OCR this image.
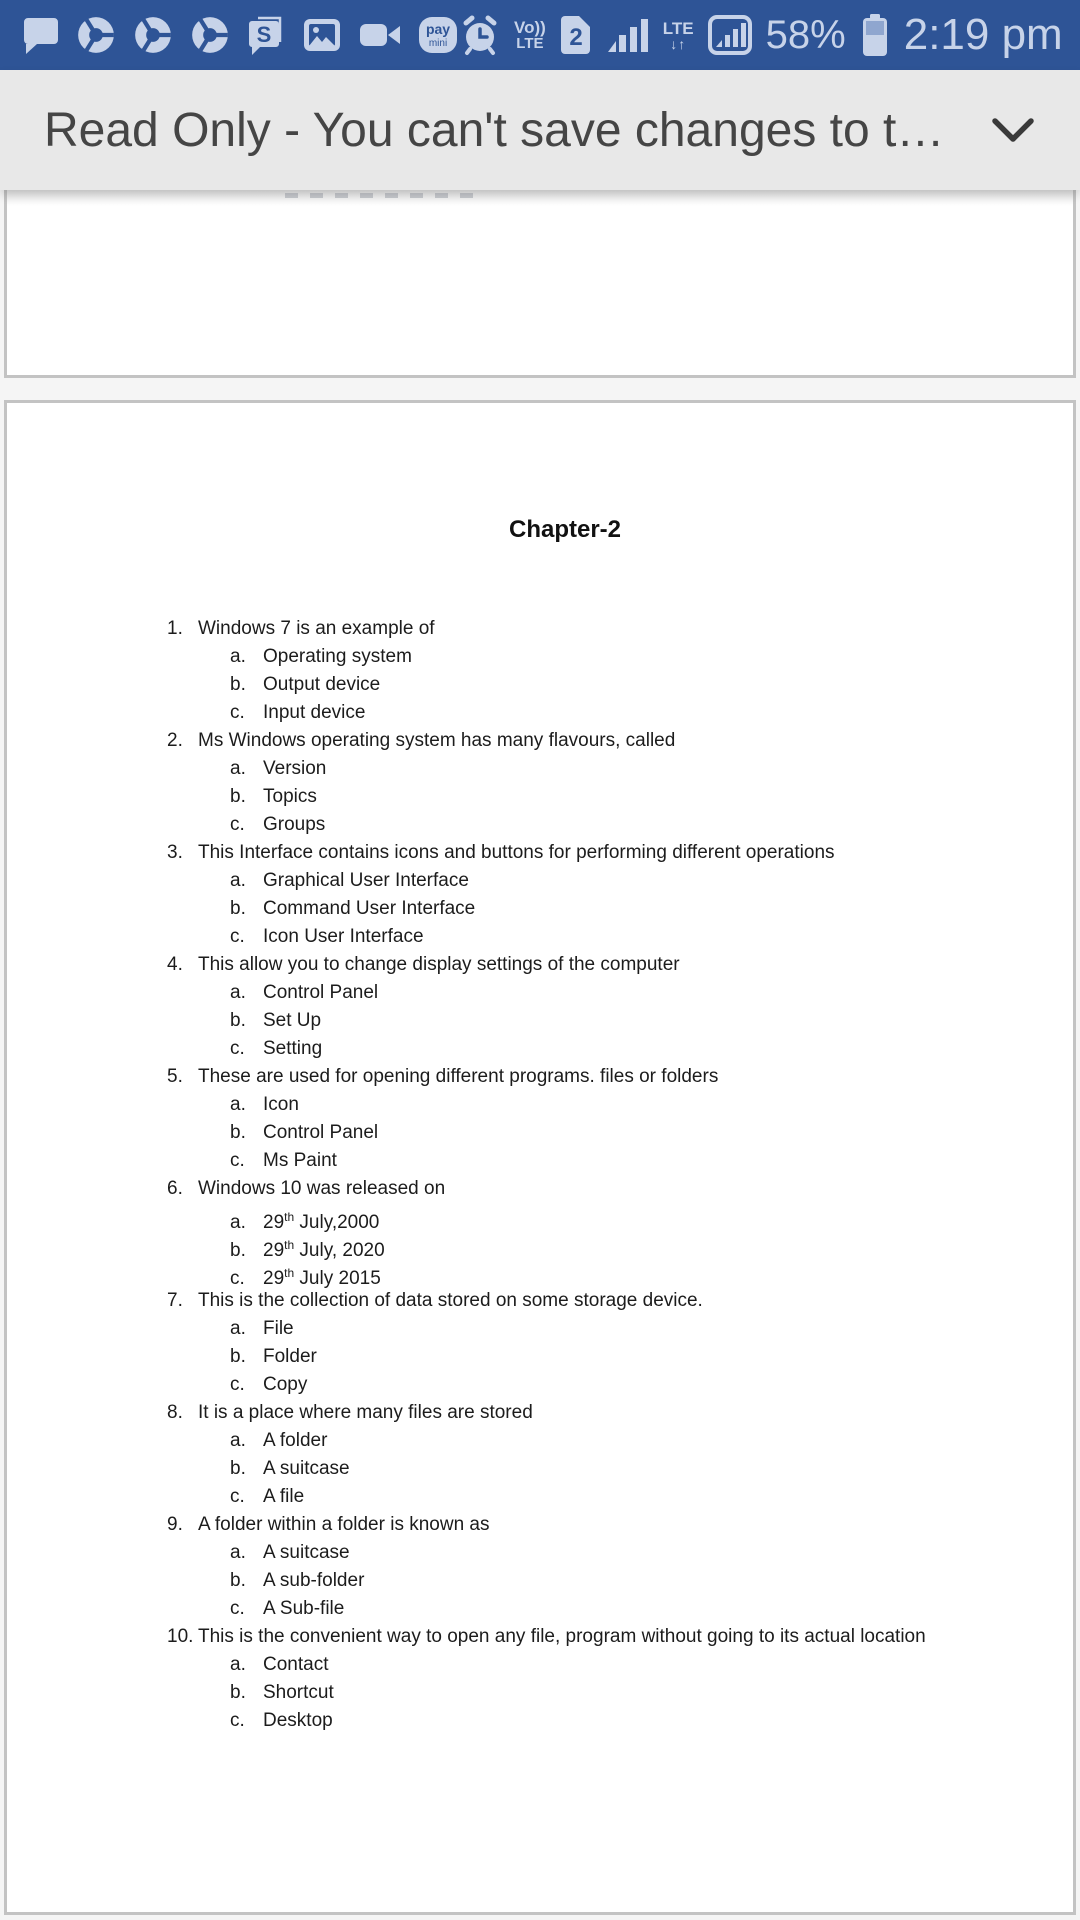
S	pay
mini
Vo))
LTE 2	LTE
↓↑ 58% 2:19 pm
Read Only - You can't save changes to t…
Chapter-2
1. Windows 7 is an example of
a. Operating system
b. Output device
c. Input device
2. Ms Windows operating system has many flavours, called
a. Version
b. Topics
c. Groups
3. This Interface contains icons and buttons for performing different operations
a. Graphical User Interface
b. Command User Interface
c. Icon User Interface
4. This allow you to change display settings of the computer
a. Control Panel
b. Set Up
c. Setting
5. These are used for opening different programs. files or folders
a. Icon
b. Control Panel
c. Ms Paint
6. Windows 10 was released on
a. 29th July,2000
b. 29th July, 2020
c. 29th July 2015
7. This is the collection of data stored on some storage device.
a. File
b. Folder
c. Copy
8. It is a place where many files are stored
a. A folder
b. A suitcase
c. A file
9. A folder within a folder is known as
a. A suitcase
b. A sub-folder
c. A Sub-file
10. This is the convenient way to open any file, program without going to its actual location
a. Contact
b. Shortcut
c. Desktop
